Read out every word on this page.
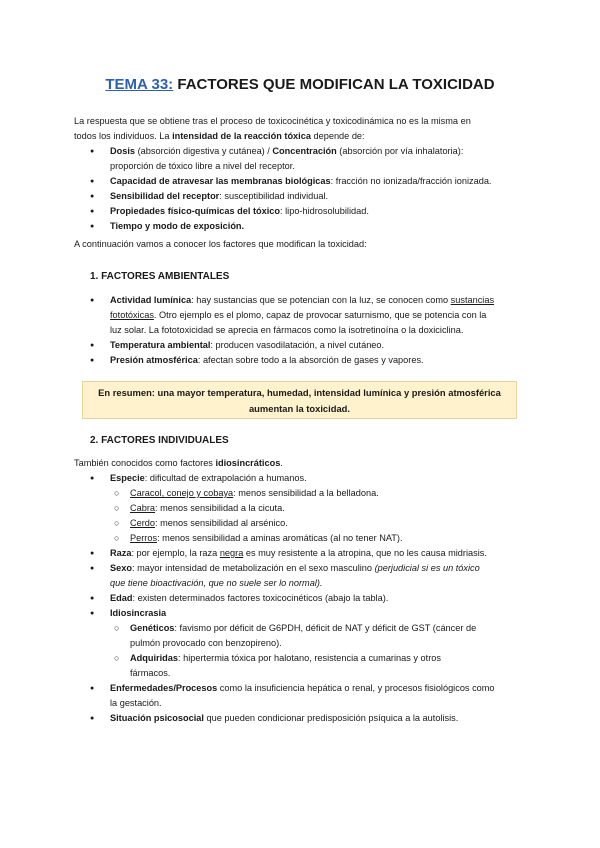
TEMA 33: FACTORES QUE MODIFICAN LA TOXICIDAD
La respuesta que se obtiene tras el proceso de toxicocinética y toxicodinámica no es la misma en
todos los individuos. La intensidad de la reacción tóxica depende de:
● Dosis (absorción digestiva y cutánea) / Concentración (absorción por vía inhalatoria):
proporción de tóxico libre a nivel del receptor.
● Capacidad de atravesar las membranas biológicas: fracción no ionizada/fracción ionizada.
● Sensibilidad del receptor: susceptibilidad individual.
● Propiedades físico-químicas del tóxico: lipo-hidrosolubilidad.
● Tiempo y modo de exposición.
A continuación vamos a conocer los factores que modifican la toxicidad:
1. FACTORES AMBIENTALES
● Actividad lumínica: hay sustancias que se potencian con la luz, se conocen como sustancias
fototóxicas. Otro ejemplo es el plomo, capaz de provocar saturnismo, que se potencia con la
luz solar. La fototoxicidad se aprecia en fármacos como la isotretinoína o la doxiciclina.
● Temperatura ambiental: producen vasodilatación, a nivel cutáneo.
● Presión atmosférica: afectan sobre todo a la absorción de gases y vapores.
En resumen: una mayor temperatura, humedad, intensidad lumínica y presión atmosférica
aumentan la toxicidad.
2. FACTORES INDIVIDUALES
También conocidos como factores idiosincráticos.
● Especie: dificultad de extrapolación a humanos.
○ Caracol, conejo y cobaya: menos sensibilidad a la belladona.
○ Cabra: menos sensibilidad a la cicuta.
○ Cerdo: menos sensibilidad al arsénico.
○ Perros: menos sensibilidad a aminas aromáticas (al no tener NAT).
● Raza: por ejemplo, la raza negra es muy resistente a la atropina, que no les causa midriasis.
● Sexo: mayor intensidad de metabolización en el sexo masculino (perjudicial si es un tóxico
que tiene bioactivación, que no suele ser lo normal).
● Edad: existen determinados factores toxicocinéticos (abajo la tabla).
● Idiosincrasia
○ Genéticos: favismo por déficit de G6PDH, déficit de NAT y déficit de GST (cáncer de
pulmón provocado con benzopireno).
○ Adquiridas: hipertermia tóxica por halotano, resistencia a cumarinas y otros
fármacos.
● Enfermedades/Procesos como la insuficiencia hepática o renal, y procesos fisiológicos como
la gestación.
● Situación psicosocial que pueden condicionar predisposición psíquica a la autolisis.
